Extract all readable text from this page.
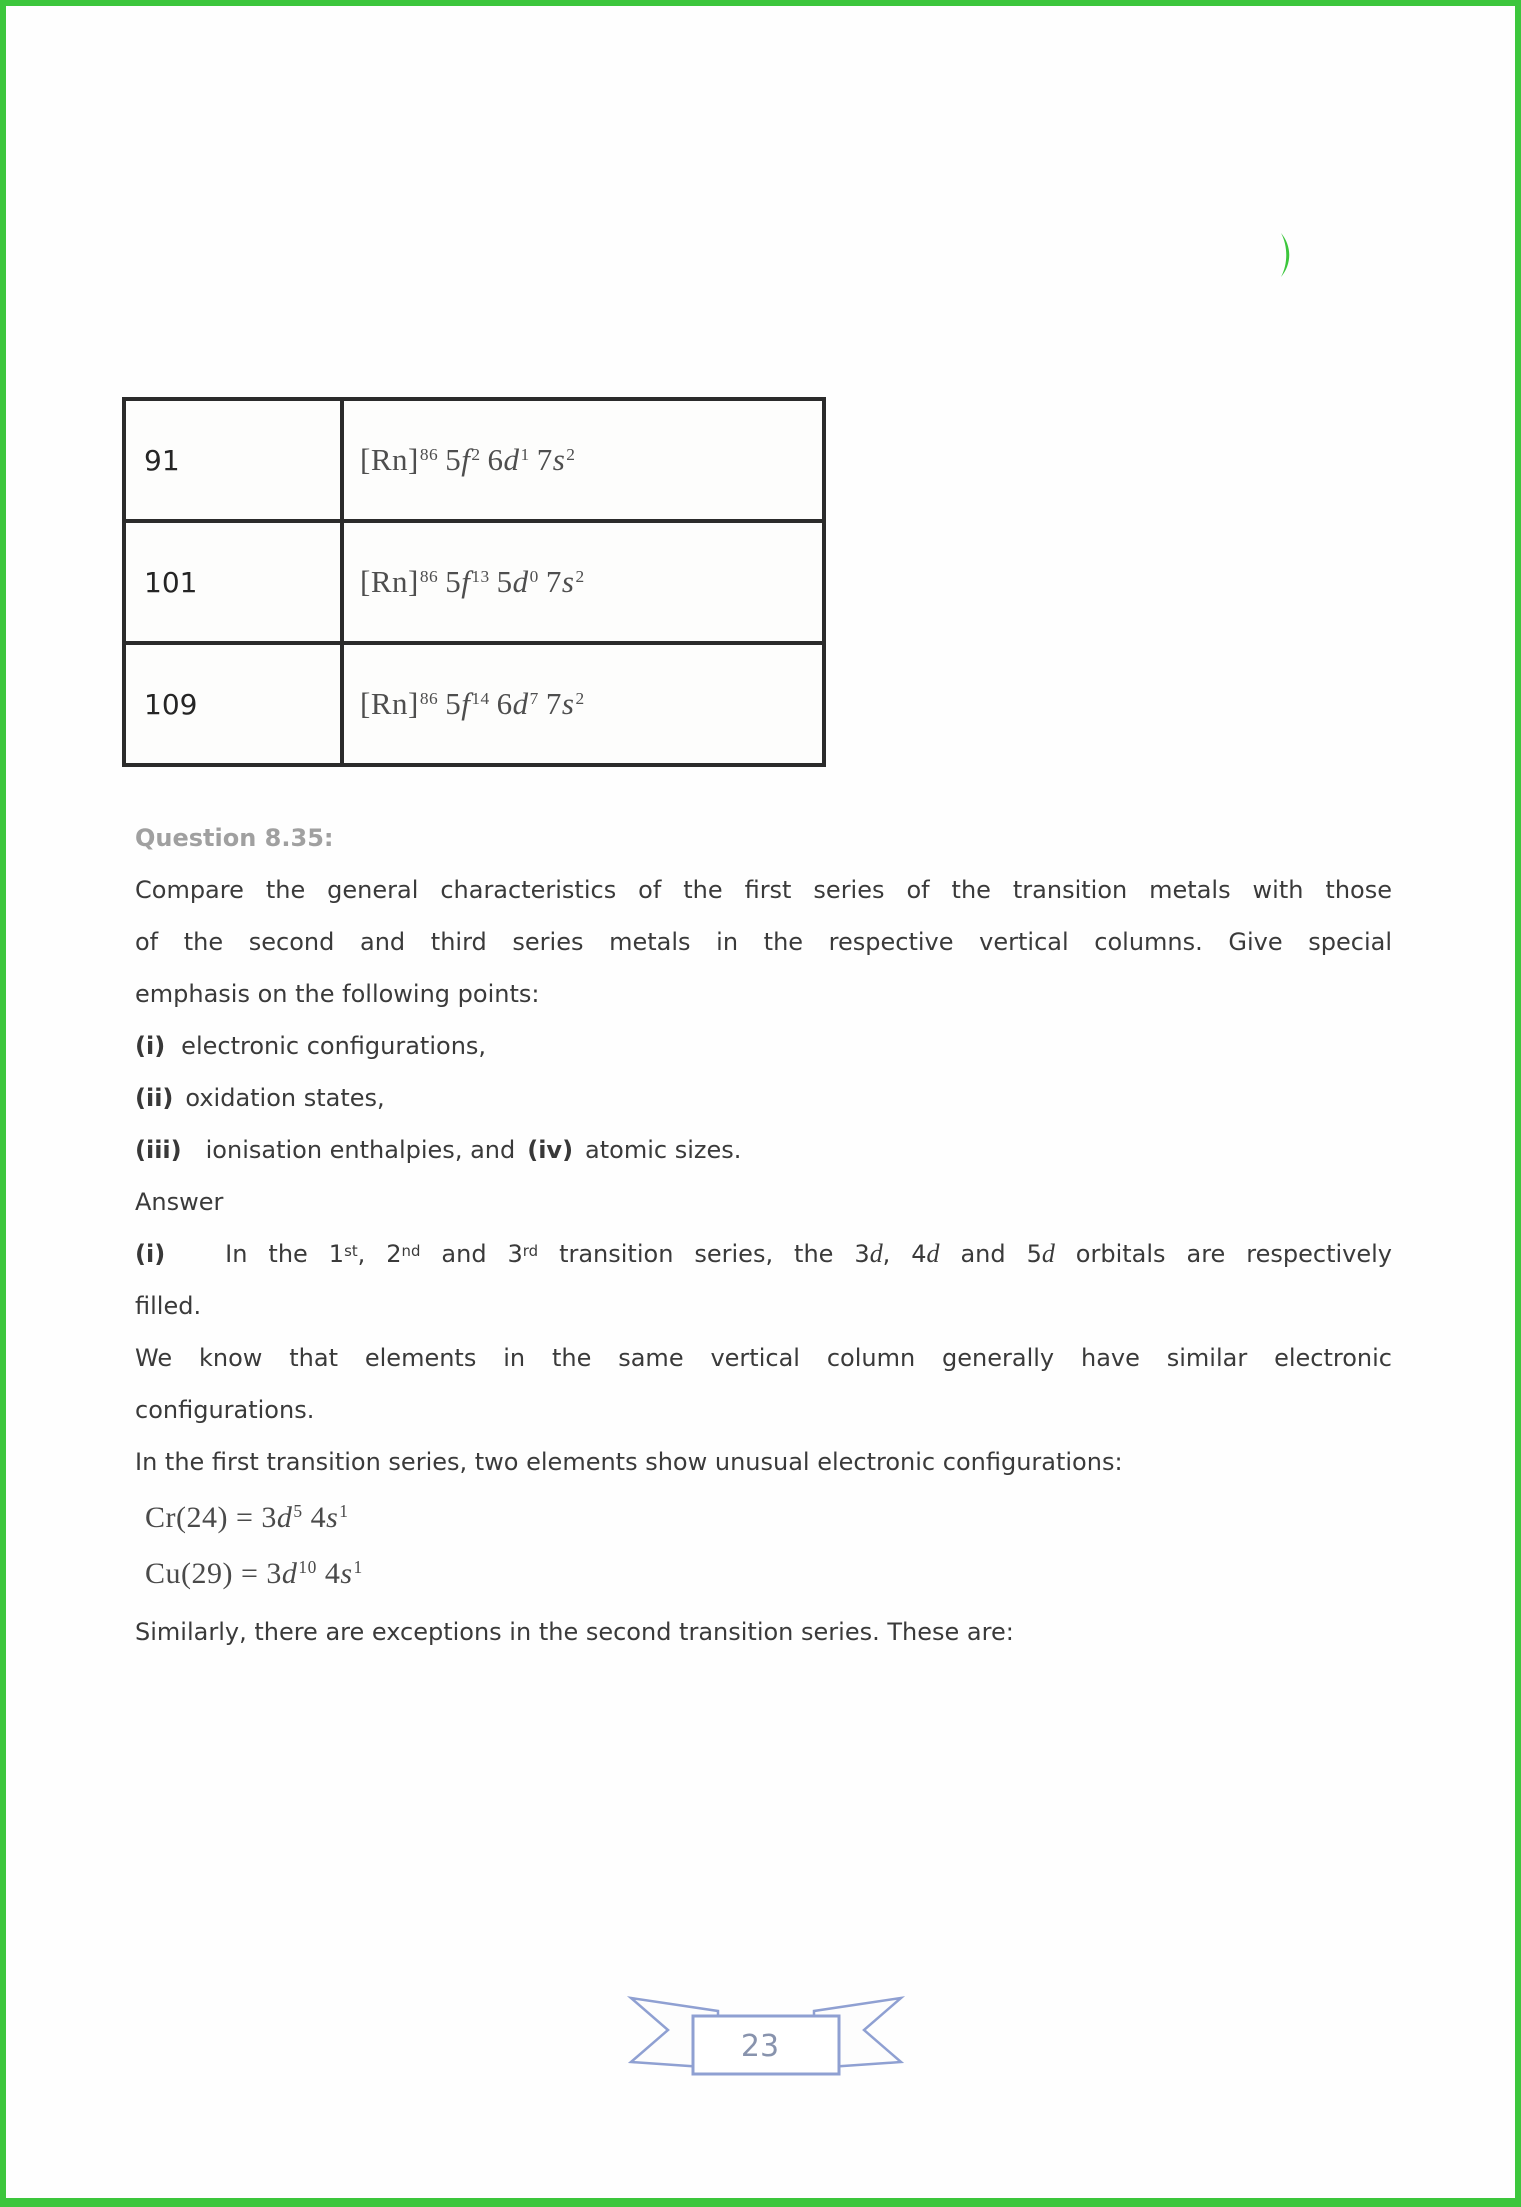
91	$[Rn]^{86}$ $5f^2$ $6d^1$ $7s^2$
101	$[Rn]^{86}$ $5f^{13}$ $5d^0$ $7s^2$
109	$[Rn]^{86}$ $5f^{14}$ $6d^7$ $7s^2$
Question 8.35:
Compare the general characteristics of the first series of the transition metals with those
of the second and third series metals in the respective vertical columns. Give special
emphasis on the following points:
(i) electronic configurations,
(ii) oxidation states,
(iii) ionisation enthalpies, and (iv) atomic sizes.
Answer
(i)	In the 1st, 2nd and 3rd transition series, the 3d, 4d and 5d orbitals are respectively
filled.
We know that elements in the same vertical column generally have similar electronic
configurations.
In the first transition series, two elements show unusual electronic configurations:
$Cr(24) = 3d^5$ $4s^1$
$Cu(29) = 3d^{10}$ $4s^1$
Similarly, there are exceptions in the second transition series. These are:
23
